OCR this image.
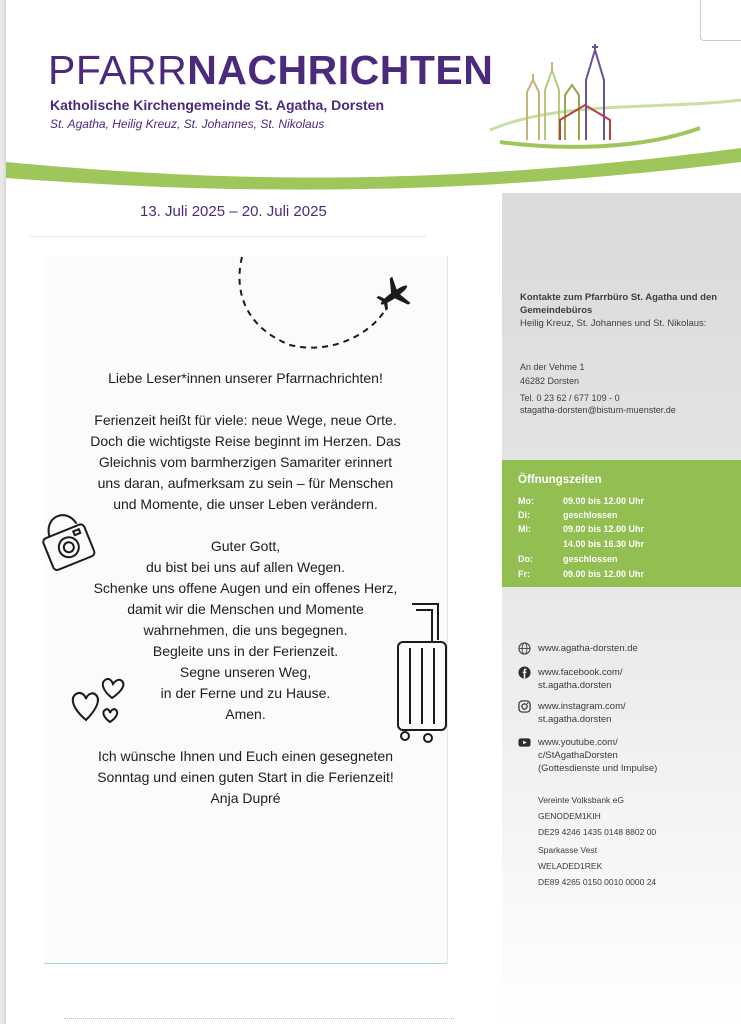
PFARRNACHRICHTEN
Katholische Kirchengemeinde St. Agatha, Dorsten
St. Agatha, Heilig Kreuz, St. Johannes, St. Nikolaus
13. Juli 2025 – 20. Juli 2025
Kontakte zum Pfarrbüro St. Agatha und den Gemeindebüros
Heilig Kreuz, St. Johannes und St. Nikolaus:
An der Vehme 1
46282 Dorsten
Tel. 0 23 62 / 677 109 - 0
stagatha-dorsten@bistum-muenster.de
Öffnungszeiten
Mo:	09.00 bis 12.00 Uhr
Di:	geschlossen
Mi:	09.00 bis 12.00 Uhr
14.00 bis 16.30 Uhr
Do:	geschlossen
Fr:	09.00 bis 12.00 Uhr
www.agatha-dorsten.de
www.facebook.com/
st.agatha.dorsten
www.instagram.com/
st.agatha.dorsten
www.youtube.com/
c/StAgathaDorsten
(Gottesdienste und Impulse)
Vereinte Volksbank eG
GENODEM1KIH
DE29 4246 1435 0148 8802 00
Sparkasse Vest
WELADED1REK
DE89 4265 0150 0010 0000 24

Liebe Leser*innen unserer Pfarrnachrichten!

Ferienzeit heißt für viele: neue Wege, neue Orte.

Doch die wichtigste Reise beginnt im Herzen. Das

Gleichnis vom barmherzigen Samariter erinnert

uns daran, aufmerksam zu sein – für Menschen

und Momente, die unser Leben verändern.

Guter Gott,

du bist bei uns auf allen Wegen.

Schenke uns offene Augen und ein offenes Herz,

damit wir die Menschen und Momente

wahrnehmen, die uns begegnen.

Begleite uns in der Ferienzeit.

Segne unseren Weg,

in der Ferne und zu Hause.

Amen.

Ich wünsche Ihnen und Euch einen gesegneten

Sonntag und einen guten Start in die Ferienzeit!

Anja Dupré
